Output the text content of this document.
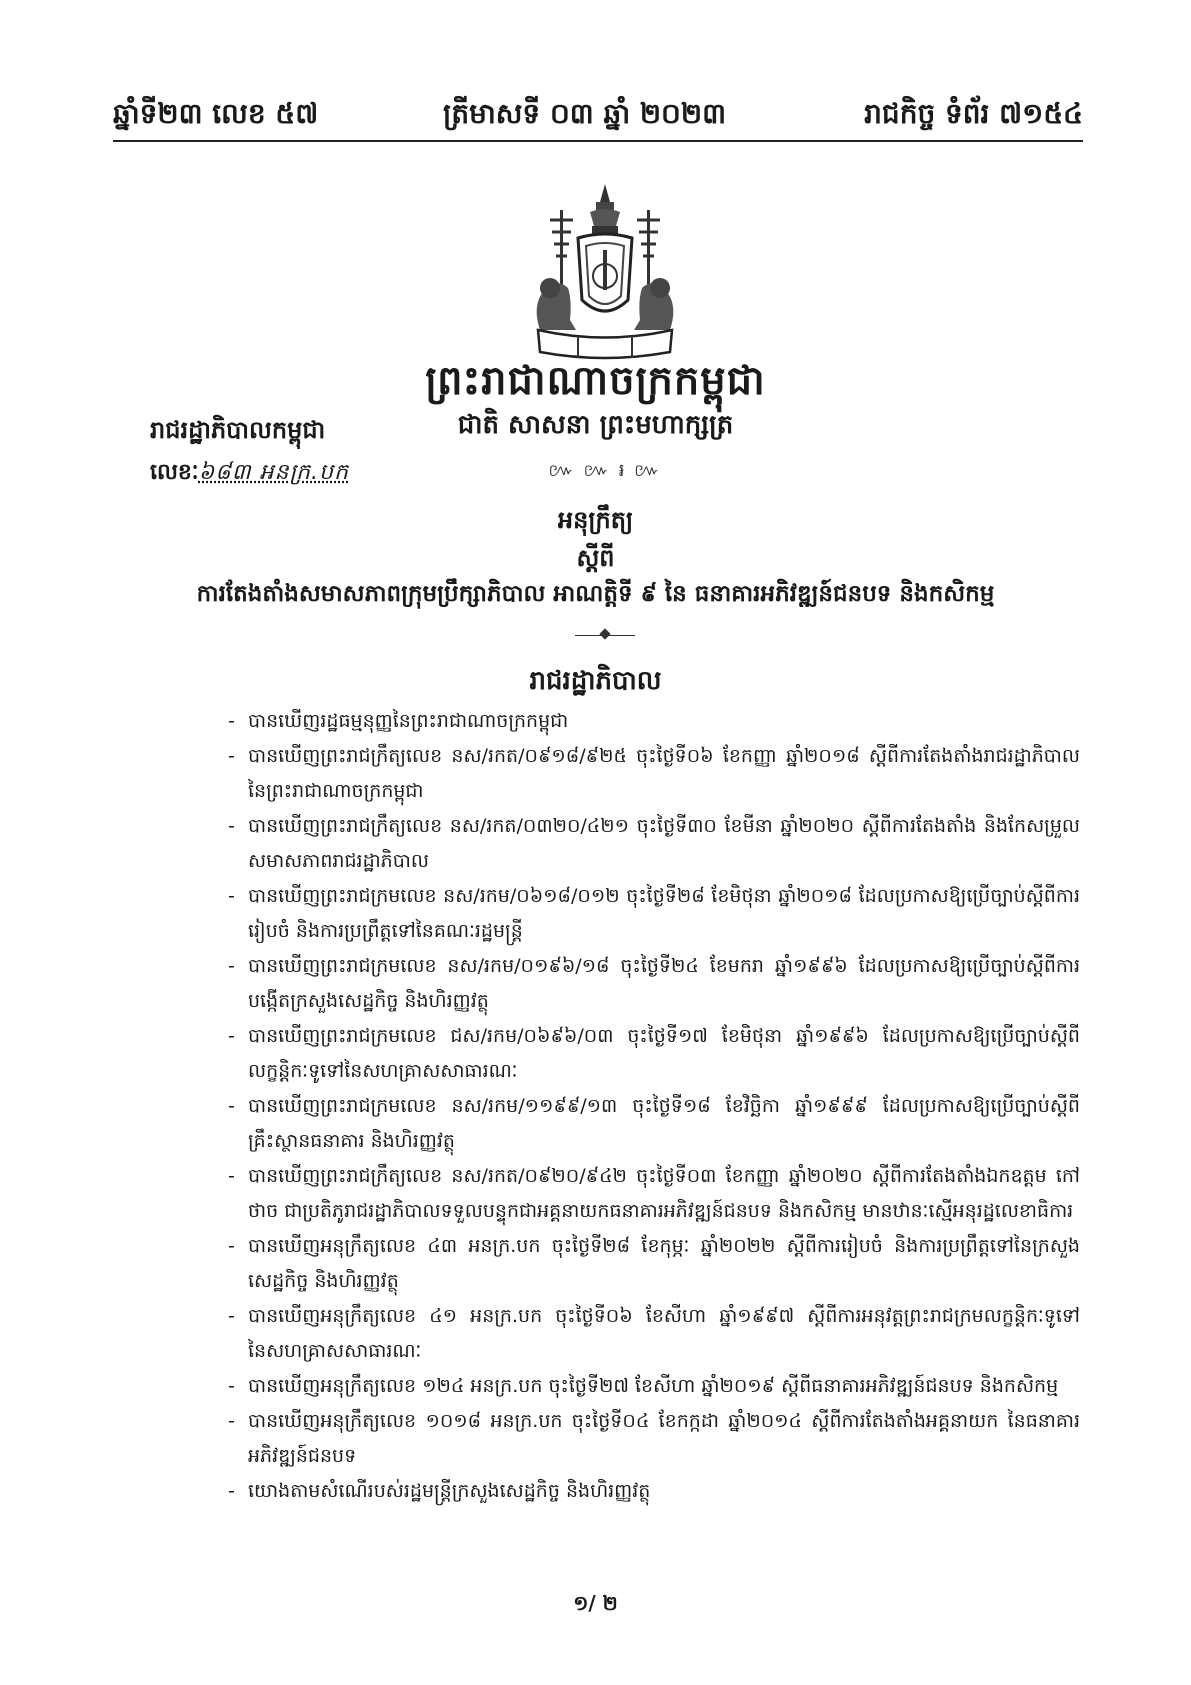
ឆ្នាំទី២៣ លេខ ៥៧	ត្រីមាសទី ០៣ ឆ្នាំ ២០២៣	រាជកិច្ច ទំព័រ ៧១៥៤
ព្រះរាជាណាចក្រកម្ពុជា
ជាតិ សាសនា ព្រះមហាក្សត្រ
៚ ៚ ៛ ៚
រាជរដ្ឋាភិបាលកម្ពុជា
លេខៈ៦៨៣ អនក្រ.បក
អនុក្រឹត្យ
ស្តីពី
ការតែងតាំងសមាសភាពក្រុមប្រឹក្សាភិបាល អាណត្តិទី ៩ នៃ ធនាគារអភិវឌ្ឍន៍ជនបទ និងកសិកម្ម
រាជរដ្ឋាភិបាល
- បានឃើញរដ្ឋធម្មនុញ្ញនៃព្រះរាជាណាចក្រកម្ពុជា
- បានឃើញព្រះរាជក្រឹត្យលេខ នស/រកត/០៩១៨/៩២៥ ចុះថ្ងៃទី០៦ ខែកញ្ញា ឆ្នាំ២០១៨ ស្តីពីការតែងតាំងរាជរដ្ឋាភិបាលនៃព្រះរាជាណាចក្រកម្ពុជា
- បានឃើញព្រះរាជក្រឹត្យលេខ នស/រកត/០៣២០/៤២១ ចុះថ្ងៃទី៣០ ខែមីនា ឆ្នាំ២០២០ ស្តីពីការតែងតាំង និងកែសម្រួលសមាសភាពរាជរដ្ឋាភិបាល
- បានឃើញព្រះរាជក្រមលេខ នស/រកម/០៦១៨/០១២ ចុះថ្ងៃទី២៨ ខែមិថុនា ឆ្នាំ២០១៨ ដែលប្រកាសឱ្យប្រើច្បាប់ស្តីពីការរៀបចំ និងការប្រព្រឹត្តទៅនៃគណៈរដ្ឋមន្ត្រី
- បានឃើញព្រះរាជក្រមលេខ នស/រកម/០១៩៦/១៨ ចុះថ្ងៃទី២៤ ខែមករា ឆ្នាំ១៩៩៦ ដែលប្រកាសឱ្យប្រើច្បាប់ស្តីពីការបង្កើតក្រសួងសេដ្ឋកិច្ច និងហិរញ្ញវត្ថុ
- បានឃើញព្រះរាជក្រមលេខ ជស/រកម/០៦៩៦/០៣ ចុះថ្ងៃទី១៧ ខែមិថុនា ឆ្នាំ១៩៩៦ ដែលប្រកាសឱ្យប្រើច្បាប់ស្តីពីលក្ខន្តិកៈទូទៅនៃសហគ្រាសសាធារណៈ
- បានឃើញព្រះរាជក្រមលេខ នស/រកម/១១៩៩/១៣ ចុះថ្ងៃទី១៨ ខែវិច្ឆិកា ឆ្នាំ១៩៩៩ ដែលប្រកាសឱ្យប្រើច្បាប់ស្តីពីគ្រឹះស្ថានធនាគារ និងហិរញ្ញវត្ថុ
- បានឃើញព្រះរាជក្រឹត្យលេខ នស/រកត/០៩២០/៩៤២ ចុះថ្ងៃទី០៣ ខែកញ្ញា ឆ្នាំ២០២០ ស្តីពីការតែងតាំងឯកឧត្តម កៅ ថាច ជាប្រតិភូរាជរដ្ឋាភិបាលទទួលបន្ទុកជាអគ្គនាយកធនាគារអភិវឌ្ឍន៍ជនបទ និងកសិកម្ម មានឋានៈស្មើអនុរដ្ឋលេខាធិការ
- បានឃើញអនុក្រឹត្យលេខ ៤៣ អនក្រ.បក ចុះថ្ងៃទី២៨ ខែកុម្ភៈ ឆ្នាំ២០២២ ស្តីពីការរៀបចំ និងការប្រព្រឹត្តទៅនៃក្រសួងសេដ្ឋកិច្ច និងហិរញ្ញវត្ថុ
- បានឃើញអនុក្រឹត្យលេខ ៤១ អនក្រ.បក ចុះថ្ងៃទី០៦ ខែសីហា ឆ្នាំ១៩៩៧ ស្តីពីការអនុវត្តព្រះរាជក្រមលក្ខន្តិកៈទូទៅនៃសហគ្រាសសាធារណៈ
- បានឃើញអនុក្រឹត្យលេខ ១២៤ អនក្រ.បក ចុះថ្ងៃទី២៧ ខែសីហា ឆ្នាំ២០១៩ ស្តីពីធនាគារអភិវឌ្ឍន៍ជនបទ និងកសិកម្ម
- បានឃើញអនុក្រឹត្យលេខ ១០១៨ អនក្រ.បក ចុះថ្ងៃទី០៤ ខែកក្កដា ឆ្នាំ២០១៤ ស្តីពីការតែងតាំងអគ្គនាយក នៃធនាគារអភិវឌ្ឍន៍ជនបទ
- យោងតាមសំណើរបស់រដ្ឋមន្ត្រីក្រសួងសេដ្ឋកិច្ច និងហិរញ្ញវត្ថុ
១/ ២
